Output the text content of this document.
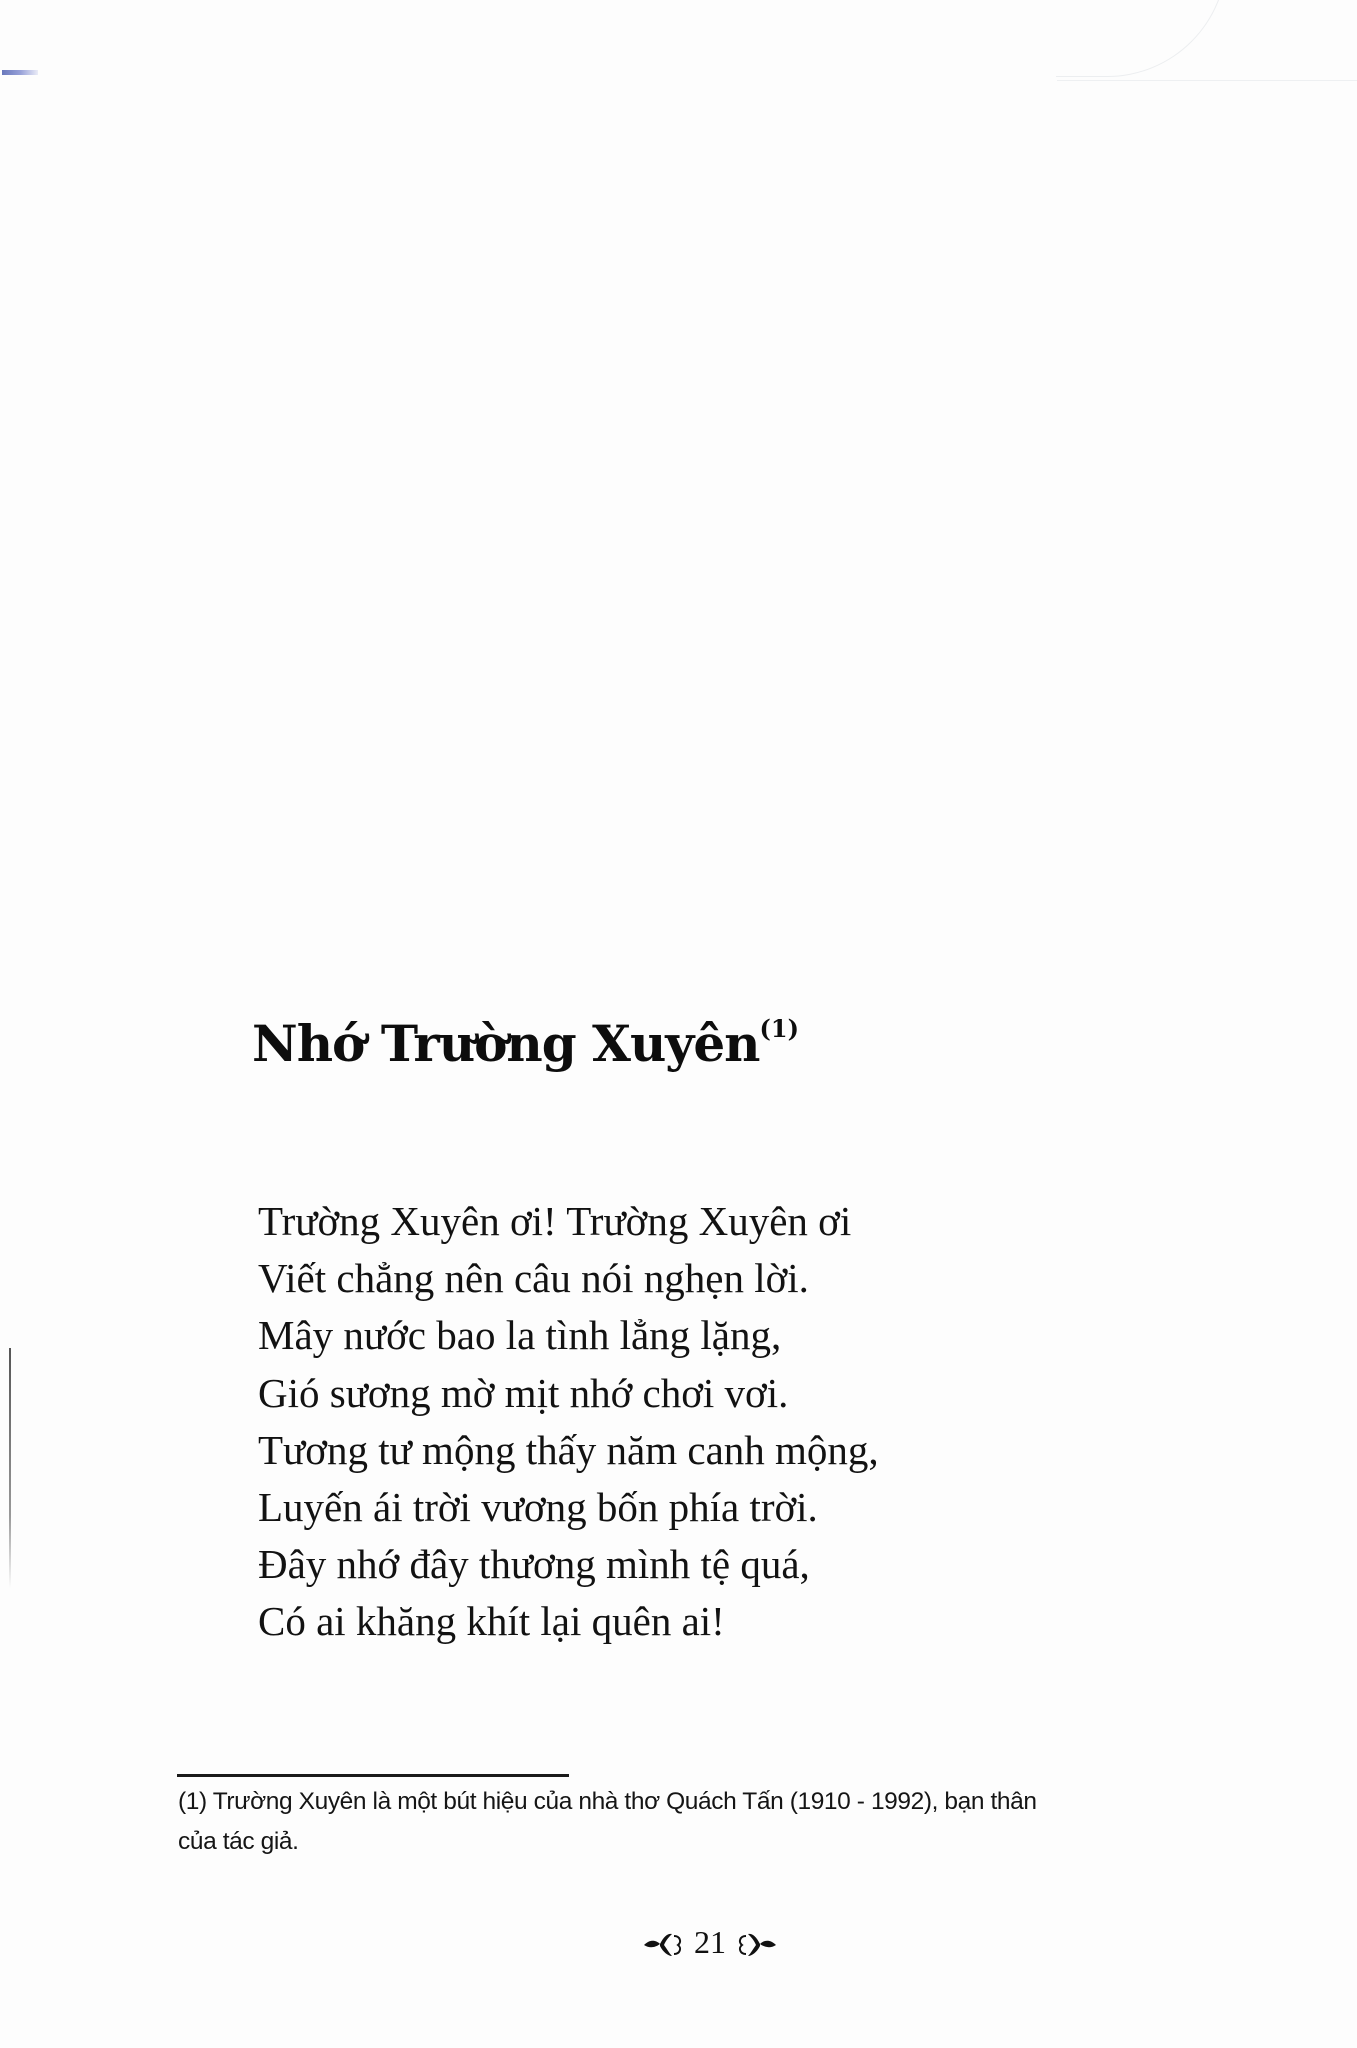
Nhớ Trường Xuyên$^{(1)}$
Trường Xuyên ơi! Trường Xuyên ơi
Viết chẳng nên câu nói nghẹn lời.
Mây nước bao la tình lẳng lặng,
Gió sương mờ mịt nhớ chơi vơi.
Tương tư mộng thấy năm canh mộng,
Luyến ái trời vương bốn phía trời.
Đây nhớ đây thương mình tệ quá,
Có ai khăng khít lại quên ai!
(1) Trường Xuyên là một bút hiệu của nhà thơ Quách Tấn (1910 - 1992), bạn thân
của tác giả.
21
